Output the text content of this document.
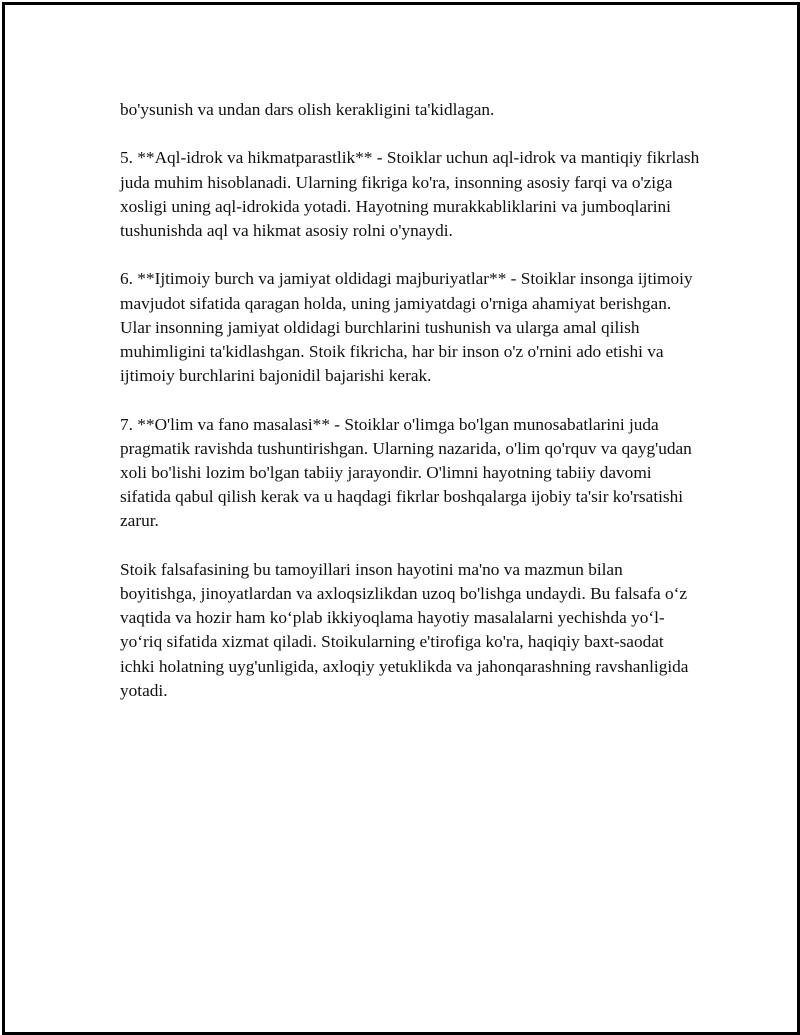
bo'ysunish va undan dars olish kerakligini ta'kidlagan.

5. **Aql-idrok va hikmatparastlik** - Stoiklar uchun aql-idrok va mantiqiy fikrlash juda muhim hisoblanadi. Ularning fikriga ko'ra, insonning asosiy farqi va o'ziga xosligi uning aql-idrokida yotadi. Hayotning murakkabliklarini va jumboqlarini tushunishda aql va hikmat asosiy rolni o'ynaydi.

6. **Ijtimoiy burch va jamiyat oldidagi majburiyatlar** - Stoiklar insonga ijtimoiy mavjudot sifatida qaragan holda, uning jamiyatdagi o'rniga ahamiyat berishgan. Ular insonning jamiyat oldidagi burchlarini tushunish va ularga amal qilish muhimligini ta'kidlashgan. Stoik fikricha, har bir inson o'z o'rnini ado etishi va ijtimoiy burchlarini bajonidil bajarishi kerak.

7. **O'lim va fano masalasi** - Stoiklar o'limga bo'lgan munosabatlarini juda pragmatik ravishda tushuntirishgan. Ularning nazarida, o'lim qo'rquv va qayg'udan xoli bo'lishi lozim bo'lgan tabiiy jarayondir. O'limni hayotning tabiiy davomi sifatida qabul qilish kerak va u haqdagi fikrlar boshqalarga ijobiy ta'sir ko'rsatishi zarur.

Stoik falsafasining bu tamoyillari inson hayotini ma'no va mazmun bilan boyitishga, jinoyatlardan va axloqsizlikdan uzoq bo'lishga undaydi. Bu falsafa o‘z vaqtida va hozir ham ko‘plab ikkiyoqlama hayotiy masalalarni yechishda yo‘l-yo‘riq sifatida xizmat qiladi. Stoikularning e'tirofiga ko'ra, haqiqiy baxt-saodat ichki holatning uyg'unligida, axloqiy yetuklikda va jahonqarashning ravshanligida yotadi.
